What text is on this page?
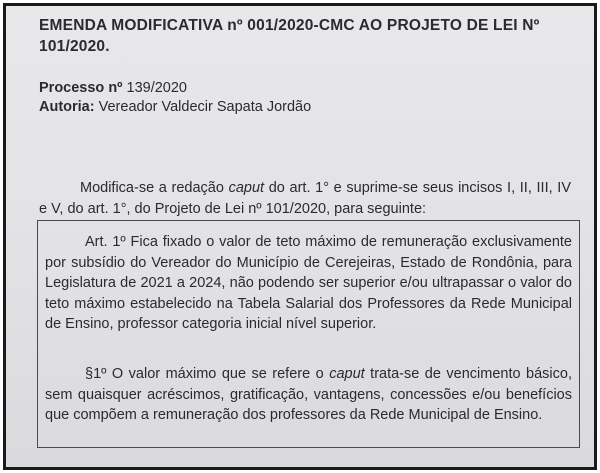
EMENDA MODIFICATIVA nº 001/2020-CMC AO PROJETO DE LEI Nº 101/2020.
Processo nº 139/2020
Autoria: Vereador Valdecir Sapata Jordão
Modifica-se a redação caput do art. 1° e suprime-se seus incisos I, II, III, IV e V, do art. 1°, do Projeto de Lei nº 101/2020, para seguinte:

Art. 1º Fica fixado o valor de teto máximo de remuneração exclusivamente por subsídio do Vereador do Município de Cerejeiras, Estado de Rondônia, para Legislatura de 2021 a 2024, não podendo ser superior e/ou ultrapassar o valor do teto máximo estabelecido na Tabela Salarial dos Professores da Rede Municipal de Ensino, professor categoria inicial nível superior.

§1º O valor máximo que se refere o caput trata-se de vencimento básico, sem quaisquer acréscimos, gratificação, vantagens, concessões e/ou benefícios que compõem a remuneração dos professores da Rede Municipal de Ensino.
